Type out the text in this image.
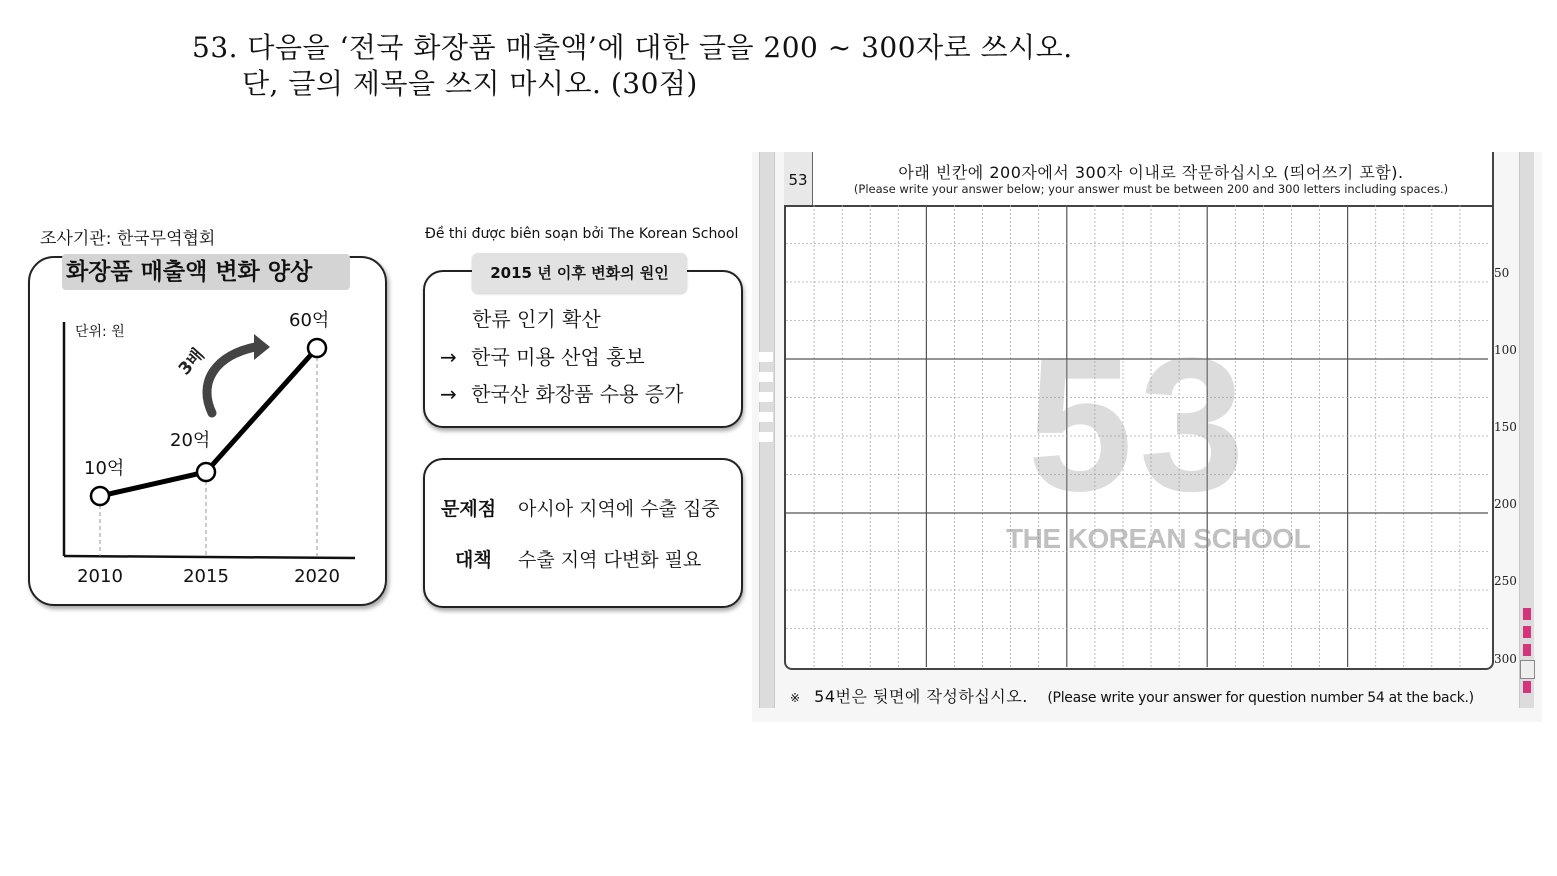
53. 다음을 ‘전국 화장품 매출액’에 대한 글을 200 ~ 300자로 쓰시오.
단, 글의 제목을 쓰지 마시오. (30점)
조사기관: 한국무역협회	Đề thi được biên soạn bởi The Korean School
단위: 원
3배
10억
20억
60억
2010	2015	2020
화장품 매출액 변화 양상	2015 년 이후 변화의 원인
한류 인기 확산
→ 한국 미용 산업 홍보
→ 한국산 화장품 수용 증가
문제점 아시아 지역에 수출 집중
대책 수출 지역 다변화 필요
53	아래 빈칸에 200자에서 300자 이내로 작문하십시오 (띄어쓰기 포함).
(Please write your answer below; your answer must be between 200 and 300 letters including spaces.)
53
THE KOREAN SCHOOL
50
100
150
200
250
300
※ 54번은 뒷면에 작성하십시오. (Please write your answer for question number 54 at the back.)
